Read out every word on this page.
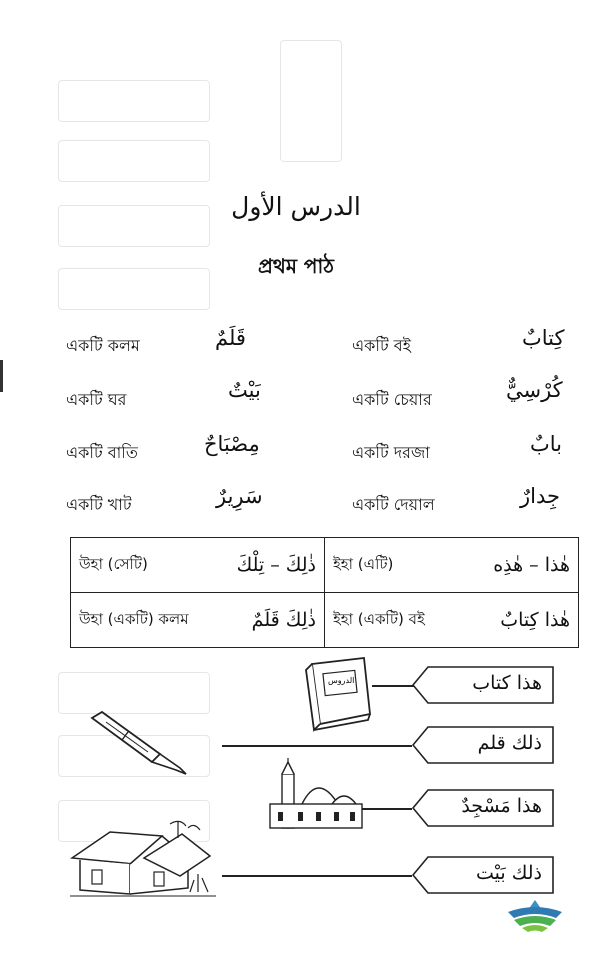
الدرس الأول
প্রথম পাঠ
একটি কলম	قَلَمٌ	একটি বই	كِتابٌ
একটি ঘর	بَيْتٌ	একটি চেয়ার	كُرْسِيٌّ
একটি বাতি	مِصْبَاحٌ	একটি দরজা	بابٌ
একটি খাট	سَرِيرٌ	একটি দেয়াল	جِدارٌ
উহা (সেটি) ذٰلِكَ – تِلْكَ	ইহা (এটি) هٰذا – هٰذِه

উহা (একটি) কলম ذٰلِكَ قَلَمٌ	ইহা (একটি) বই هٰذا كِتابٌ
هذا كتاب
ذلك قلم
هذا مَسْجِدٌ
ذلك بَيْت
الدروس
